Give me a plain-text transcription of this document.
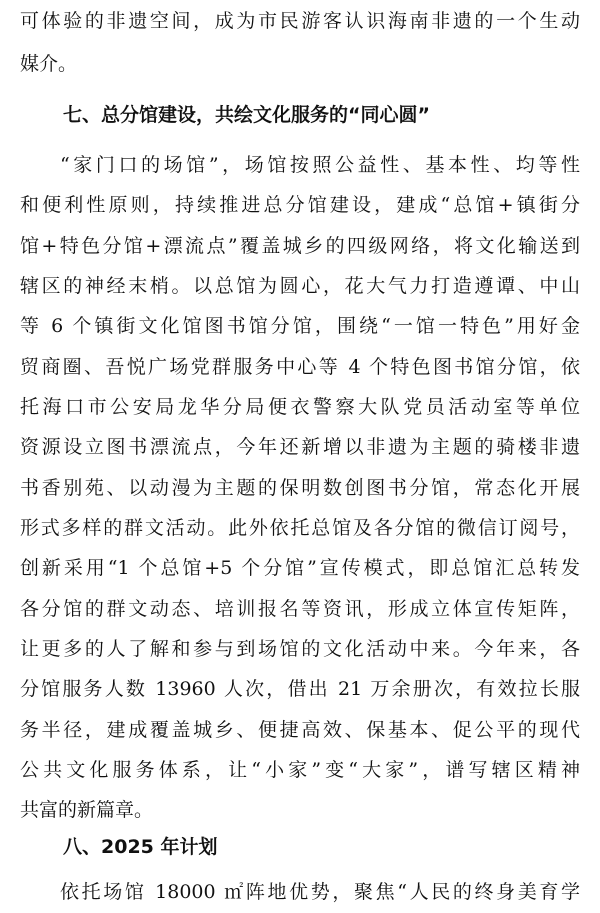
可体验的非遗空间，成为市民游客认识海南非遗的一个生动
媒介。
七、总分馆建设，共绘文化服务的“同心圆”
“家门口的场馆”，场馆按照公益性、基本性、均等性
和便利性原则，持续推进总分馆建设，建成“总馆+镇街分
馆+特色分馆+漂流点”覆盖城乡的四级网络，将文化输送到
辖区的神经末梢。以总馆为圆心，花大气力打造遵谭、中山
等 6 个镇街文化馆图书馆分馆，围绕“一馆一特色”用好金
贸商圈、吾悦广场党群服务中心等 4 个特色图书馆分馆，依
托海口市公安局龙华分局便衣警察大队党员活动室等单位
资源设立图书漂流点，今年还新增以非遗为主题的骑楼非遗
书香别苑、以动漫为主题的保明数创图书分馆，常态化开展
形式多样的群文活动。此外依托总馆及各分馆的微信订阅号，
创新采用“1 个总馆+5 个分馆”宣传模式，即总馆汇总转发
各分馆的群文动态、培训报名等资讯，形成立体宣传矩阵，
让更多的人了解和参与到场馆的文化活动中来。今年来，各
分馆服务人数 13960 人次，借出 21 万余册次，有效拉长服
务半径，建成覆盖城乡、便捷高效、保基本、促公平的现代
公共文化服务体系，让“小家”变“大家”，谱写辖区精神
共富的新篇章。
八、2025 年计划
依托场馆 18000 ㎡阵地优势，聚焦“人民的终身美育学
